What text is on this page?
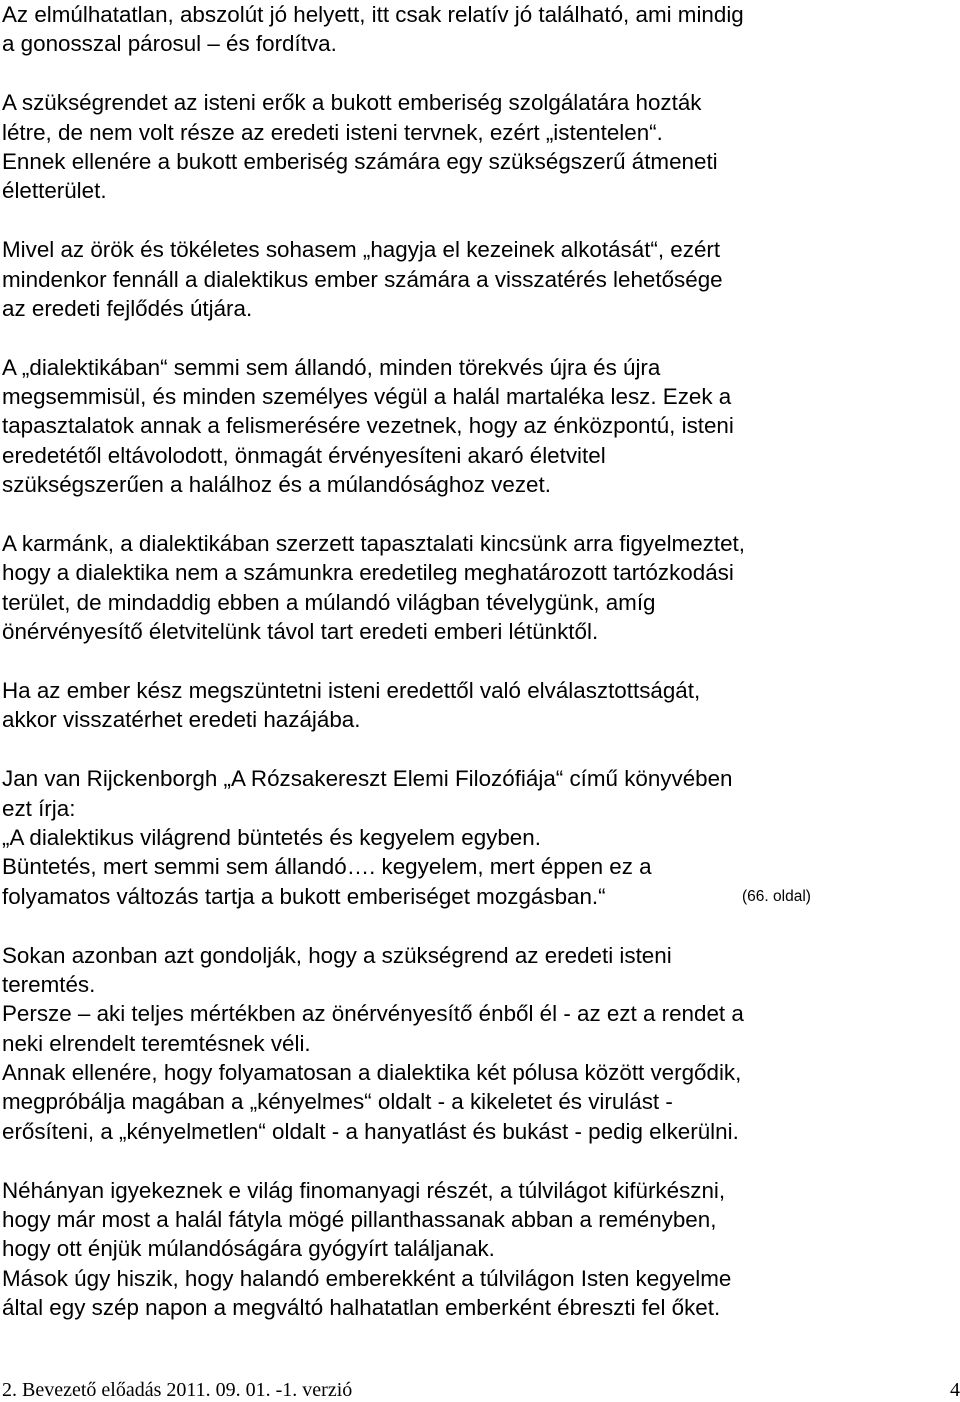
Az elmúlhatatlan, abszolút jó helyett, itt csak relatív jó található, ami mindig
a gonosszal párosul – és fordítva.
A szükségrendet az isteni erők a bukott emberiség szolgálatára hozták
létre, de nem volt része az eredeti isteni tervnek, ezért „istentelen“.
Ennek ellenére a bukott emberiség számára egy szükségszerű átmeneti
életterület.
Mivel az örök és tökéletes sohasem „hagyja el kezeinek alkotását“, ezért
mindenkor fennáll a dialektikus ember számára a visszatérés lehetősége
az eredeti fejlődés útjára.
A „dialektikában“ semmi sem állandó, minden törekvés újra és újra
megsemmisül, és minden személyes végül a halál martaléka lesz. Ezek a
tapasztalatok annak a felismerésére vezetnek, hogy az énközpontú, isteni
eredetétől eltávolodott, önmagát érvényesíteni akaró életvitel
szükségszerűen a halálhoz és a múlandósághoz vezet.
A karmánk, a dialektikában szerzett tapasztalati kincsünk arra figyelmeztet,
hogy a dialektika nem a számunkra eredetileg meghatározott tartózkodási
terület, de mindaddig ebben a múlandó világban tévelygünk, amíg
önérvényesítő életvitelünk távol tart eredeti emberi létünktől.
Ha az ember kész megszüntetni isteni eredettől való elválasztottságát,
akkor visszatérhet eredeti hazájába.
Jan van Rijckenborgh „A Rózsakereszt Elemi Filozófiája“ című könyvében
ezt írja:
„A dialektikus világrend büntetés és kegyelem egyben.
Büntetés, mert semmi sem állandó…. kegyelem, mert éppen ez a
folyamatos változás tartja a bukott emberiséget mozgásban.“	(66. oldal)
Sokan azonban azt gondolják, hogy a szükségrend az eredeti isteni
teremtés.
Persze – aki teljes mértékben az önérvényesítő énből él - az ezt a rendet a
neki elrendelt teremtésnek véli.
Annak ellenére, hogy folyamatosan a dialektika két pólusa között vergődik,
megpróbálja magában a „kényelmes“ oldalt - a kikeletet és virulást -
erősíteni, a „kényelmetlen“ oldalt - a hanyatlást és bukást - pedig elkerülni.
Néhányan igyekeznek e világ finomanyagi részét, a túlvilágot kifürkészni,
hogy már most a halál fátyla mögé pillanthassanak abban a reményben,
hogy ott énjük múlandóságára gyógyírt találjanak.
Mások úgy hiszik, hogy halandó emberekként a túlvilágon Isten kegyelme
által egy szép napon a megváltó halhatatlan emberként ébreszti fel őket.
2. Bevezető előadás 2011. 09. 01. -1. verzió	4
